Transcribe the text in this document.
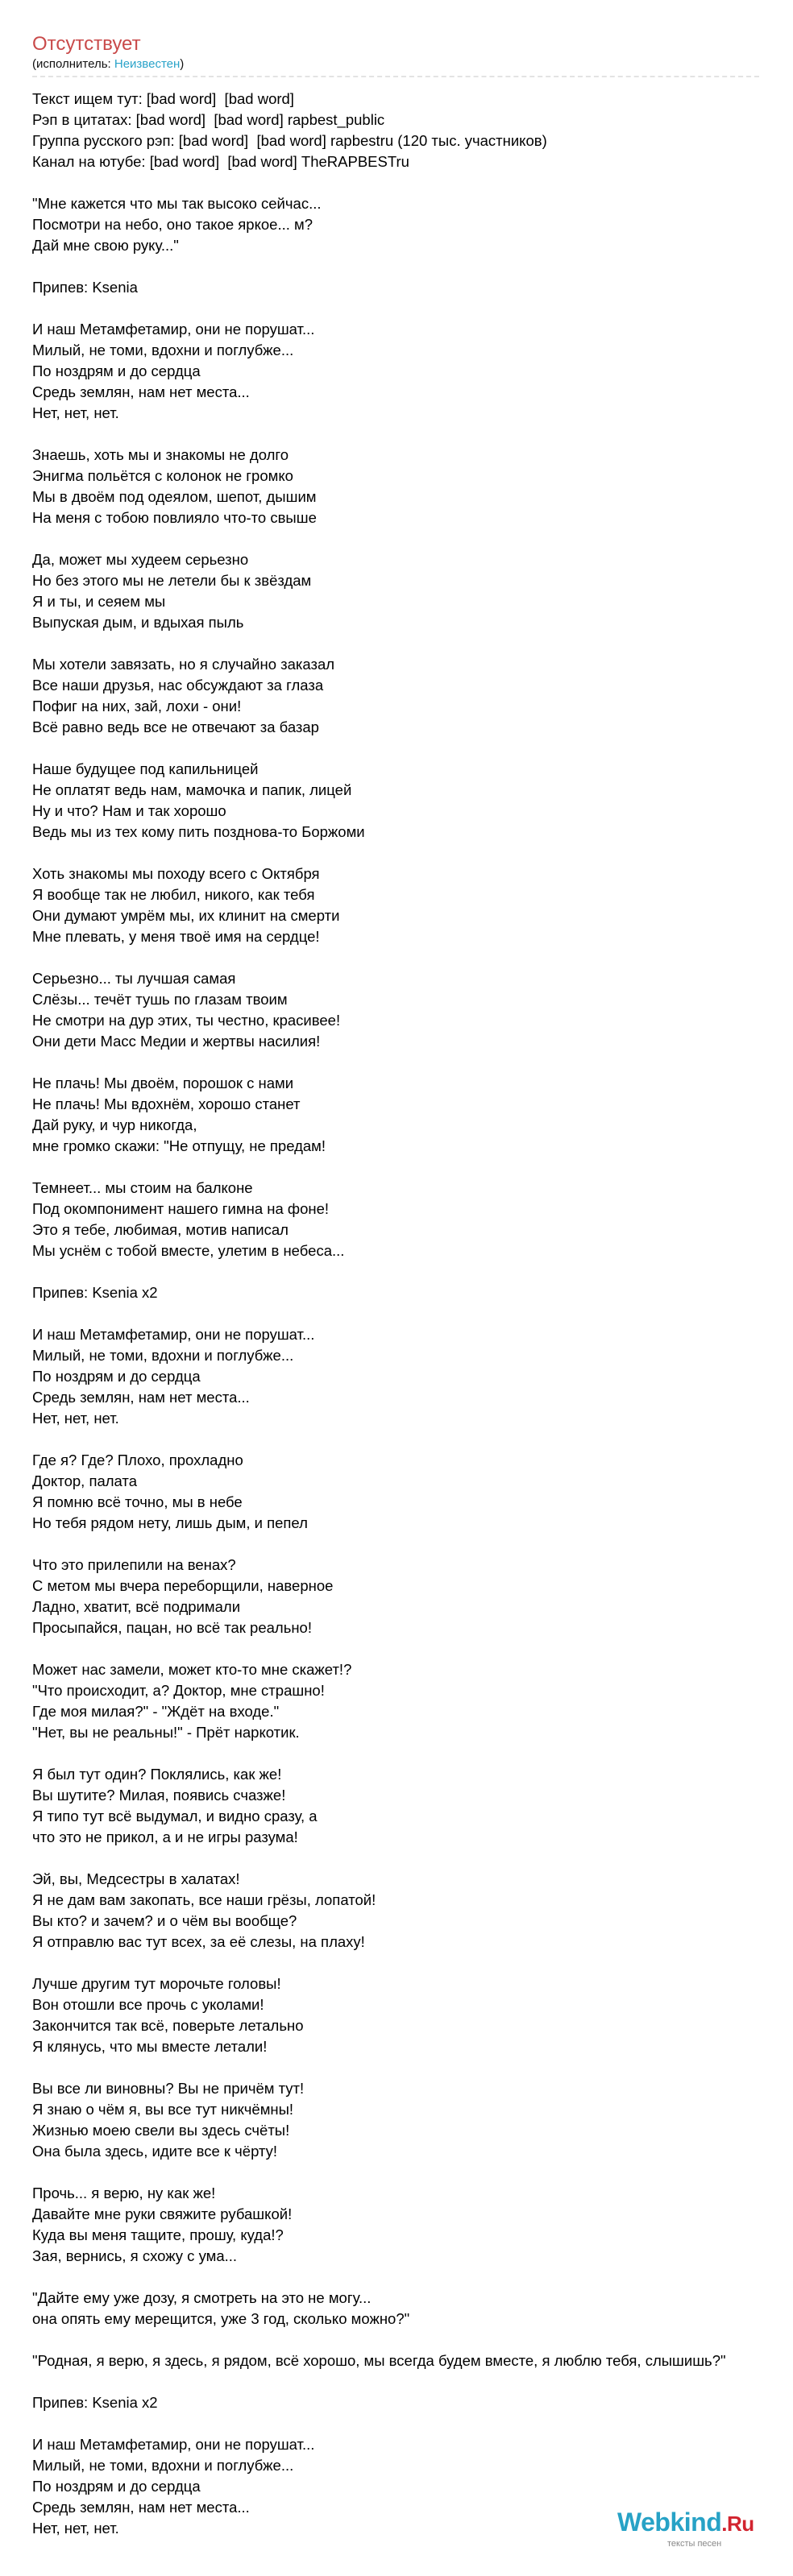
Отсутствует
(исполнитель: Неизвестен)
Текст ищем тут: [bad word]  [bad word]
Рэп в цитатах: [bad word]  [bad word] rapbest_public
Группа русского рэп: [bad word]  [bad word] rapbestru (120 тыс. участников)
Канал на ютубе: [bad word]  [bad word] TheRAPBESTru
"Мне кажется что мы так высоко сейчас...
Посмотри на небо, оно такое яркое... м?
Дай мне свою руку..."
Припев: Ksenia
И наш Метамфетамир, они не порушат...
Милый, не томи, вдохни и поглубже...
По ноздрям и до сердца
Средь землян, нам нет места...
Нет, нет, нет.
Знаешь, хоть мы и знакомы не долго
Энигма польётся с колонок не громко
Мы в двоём под одеялом, шепот, дышим
На меня с тобою повлияло что-то свыше
Да, может мы худеем серьезно
Но без этого мы не летели бы к звёздам
Я и ты, и сеяем мы
Выпуская дым, и вдыхая пыль
Мы хотели завязать, но я случайно заказал
Все наши друзья, нас обсуждают за глаза
Пофиг на них, зай, лохи - они!
Всё равно ведь все не отвечают за базар
Наше будущее под капильницей
Не оплатят ведь нам, мамочка и папик, лицей
Ну и что? Нам и так хорошо
Ведь мы из тех кому пить позднова-то Боржоми
Хоть знакомы мы походу всего с Октября
Я вообще так не любил, никого, как тебя
Они думают умрём мы, их клинит на смерти
Мне плевать, у меня твоё имя на сердце!
Серьезно... ты лучшая самая
Слёзы... течёт тушь по глазам твоим
Не смотри на дур этих, ты честно, красивее!
Они дети Масс Медии и жертвы насилия!
Не плачь! Мы двоём, порошок с нами
Не плачь! Мы вдохнём, хорошо станет
Дай руку, и чур никогда,
мне громко скажи: "Не отпущу, не предам!
Темнеет... мы стоим на балконе
Под окомпонимент нашего гимна на фоне!
Это я тебе, любимая, мотив написал
Мы уснём с тобой вместе, улетим в небеса...
Припев: Ksenia x2
И наш Метамфетамир, они не порушат...
Милый, не томи, вдохни и поглубже...
По ноздрям и до сердца
Средь землян, нам нет места...
Нет, нет, нет.
Где я? Где? Плохо, прохладно
Доктор, палата
Я помню всё точно, мы в небе
Но тебя рядом нету, лишь дым, и пепел
Что это прилепили на венах?
С метом мы вчера переборщили, наверное
Ладно, хватит, всё подримали
Просыпайся, пацан, но всё так реально!
Может нас замели, может кто-то мне скажет!?
"Что происходит, а? Доктор, мне страшно!
Где моя милая?" - "Ждёт на входе."
"Нет, вы не реальны!" - Прёт наркотик.
Я был тут один? Поклялись, как же!
Вы шутите? Милая, появись счазже!
Я типо тут всё выдумал, и видно сразу, а
что это не прикол, а и не игры разума!
Эй, вы, Медсестры в халатах!
Я не дам вам закопать, все наши грёзы, лопатой!
Вы кто? и зачем? и о чём вы вообще?
Я отправлю вас тут всех, за её слезы, на плаху!
Лучше другим тут морочьте головы!
Вон отошли все прочь с уколами!
Закончится так всё, поверьте летально
Я клянусь, что мы вместе летали!
Вы все ли виновны? Вы не причём тут!
Я знаю о чём я, вы все тут никчёмны!
Жизнью моею свели вы здесь счёты!
Она была здесь, идите все к чёрту!
Прочь... я верю, ну как же!
Давайте мне руки свяжите рубашкой!
Куда вы меня тащите, прошу, куда!?
Зая, вернись, я схожу с ума...
"Дайте ему уже дозу, я смотреть на это не могу...
она опять ему мерещится, уже 3 год, сколько можно?"
"Родная, я верю, я здесь, я рядом, всё хорошо, мы всегда будем вместе, я люблю тебя, слышишь?"
Припев: Ksenia x2
И наш Метамфетамир, они не порушат...
Милый, не томи, вдохни и поглубже...
По ноздрям и до сердца
Средь землян, нам нет места...
Нет, нет, нет.	Webkind.Ru
тексты песен
